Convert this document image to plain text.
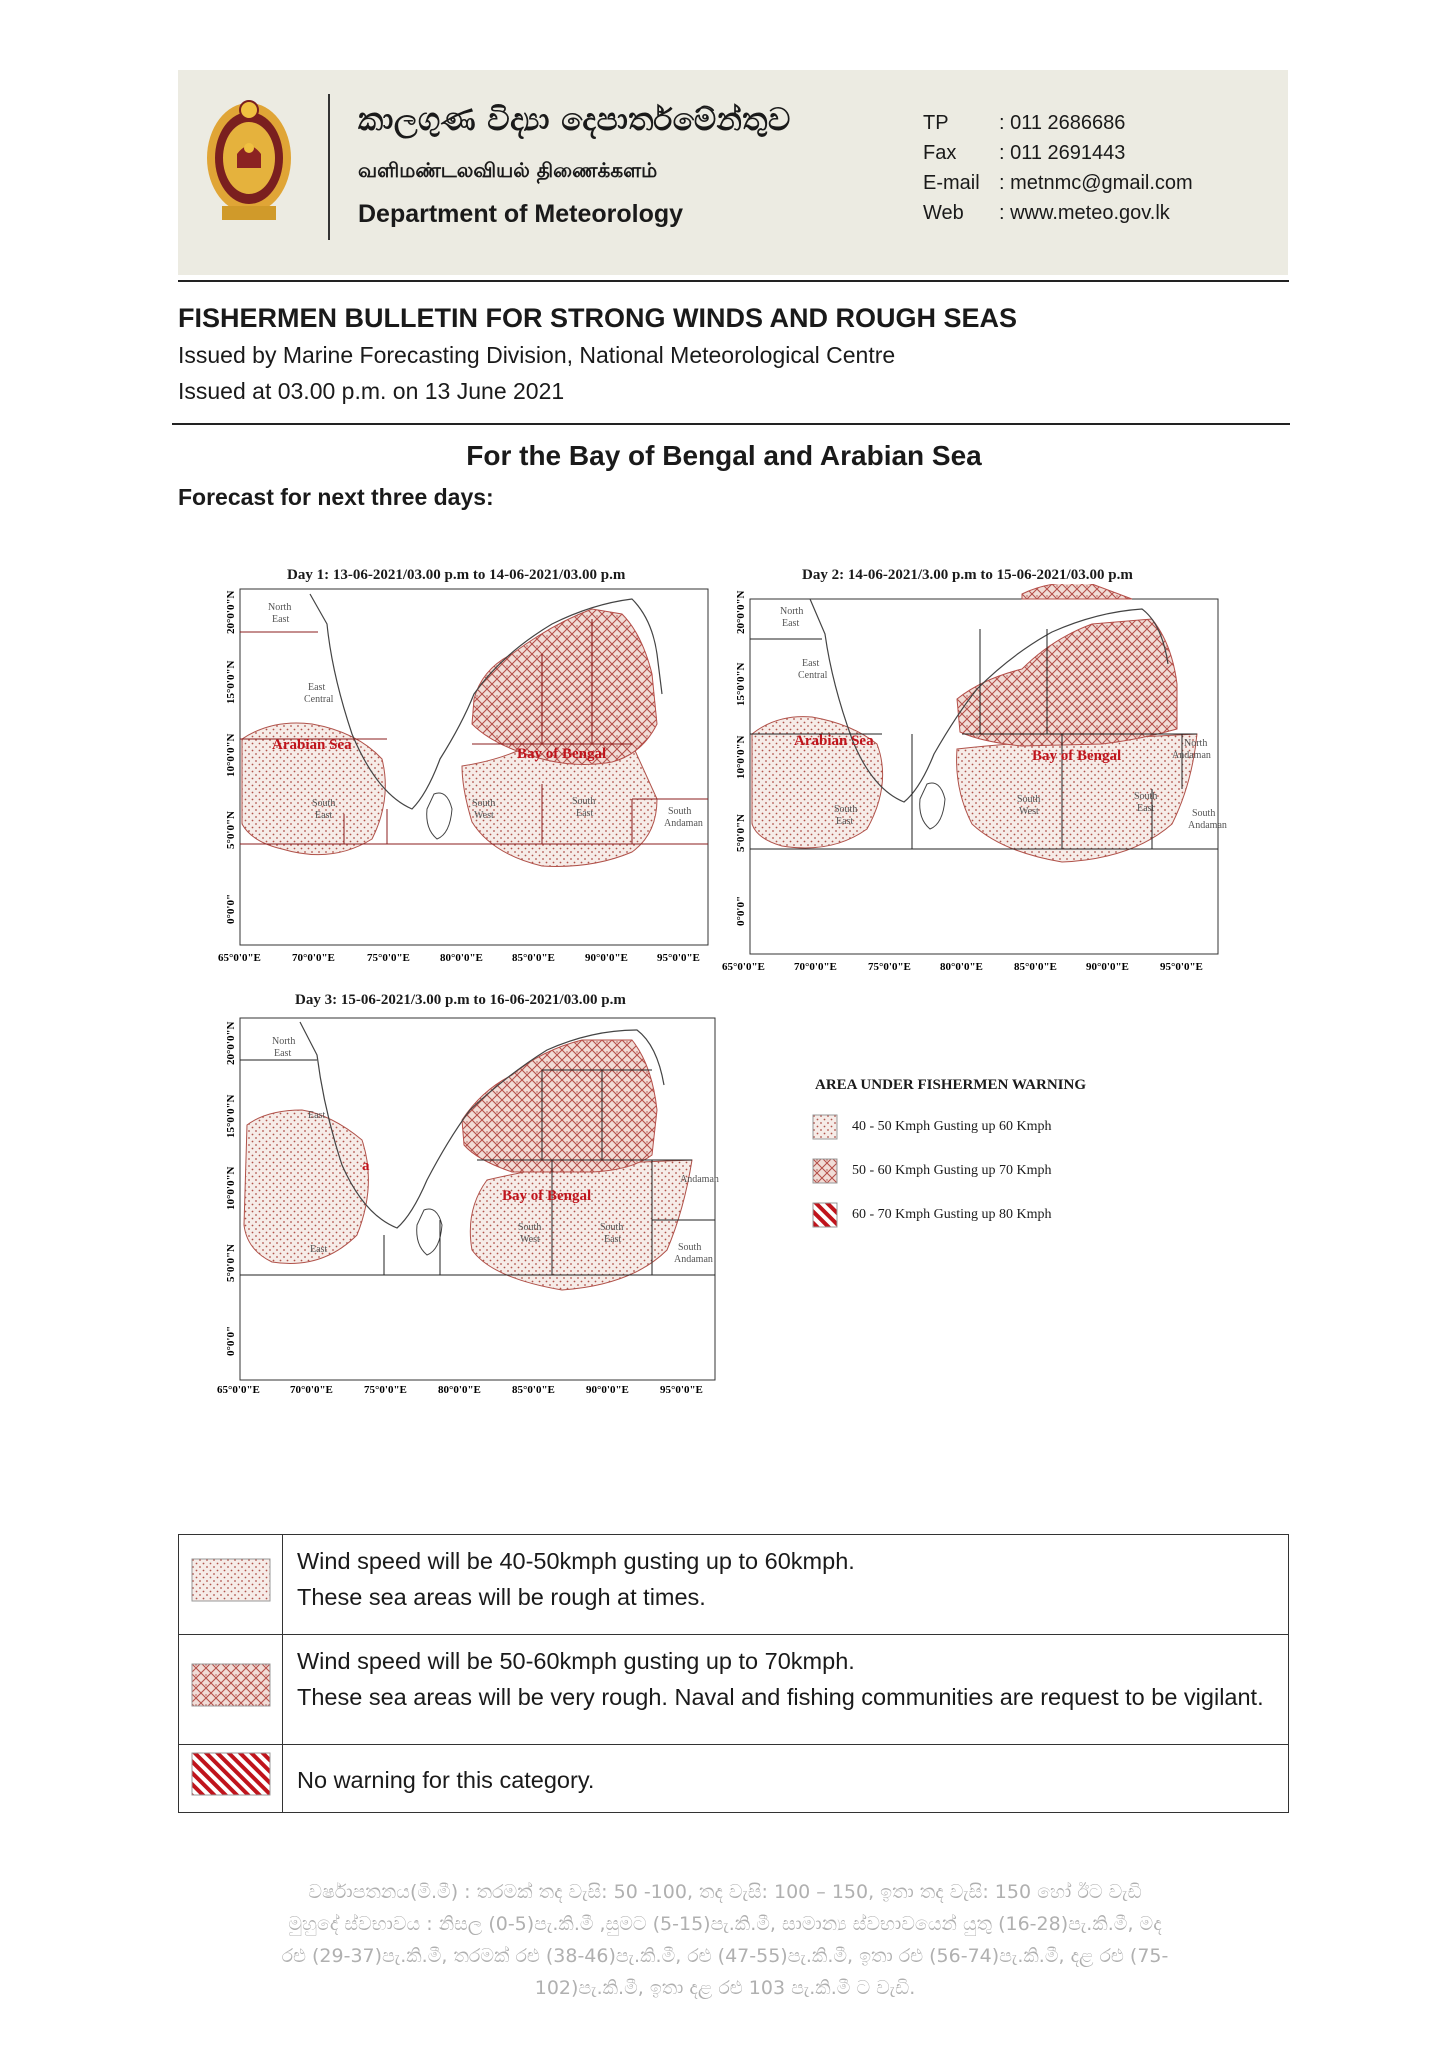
කාලගුණ විද්‍යා දෙපාර්තමේන්තුව
வளிமண்டலவியல் திணைக்களம்
Department of Meteorology
TP	: 011 2686686
Fax : 011 2691443
E-mail : metnmc@gmail.com
Web : www.meteo.gov.lk
FISHERMEN BULLETIN FOR STRONG WINDS AND ROUGH SEAS
Issued by Marine Forecasting Division, National Meteorological Centre
Issued at 03.00 p.m. on 13 June 2021
For the Bay of Bengal and Arabian Sea
Forecast for next three days:
Day 1: 13-06-2021/03.00 p.m to 14-06-2021/03.00 p.m
North
East
East
Central
Arabian Sea
Bay of Bengal
South
East
South
West
South
East	South
Andaman
20°0'0"N
15°0'0"N
10°0'0"N
5°0'0"N
0°0'0"
65°0'0"E	70°0'0"E	75°0'0"E	80°0'0"E	85°0'0"E	90°0'0"E	95°0'0"E
Day 2: 14-06-2021/3.00 p.m to 15-06-2021/03.00 p.m
North
East
East
Central
Arabian Sea
Bay of Bengal
South
East
South
West
South
East
North
Andaman
South
Andaman
20°0'0"N
15°0'0"N
10°0'0"N
5°0'0"N
0°0'0"
65°0'0"E	70°0'0"E	75°0'0"E	80°0'0"E	85°0'0"E	90°0'0"E	95°0'0"E
Day 3: 15-06-2021/3.00 p.m to 16-06-2021/03.00 p.m
North
East
East
a
East
Bay of Bengal
South
West
South
East
Andaman
South
Andaman
20°0'0"N
15°0'0"N
10°0'0"N
5°0'0"N
0°0'0"
65°0'0"E	70°0'0"E	75°0'0"E	80°0'0"E	85°0'0"E	90°0'0"E	95°0'0"E
AREA UNDER FISHERMEN WARNING
40 - 50 Kmph Gusting up 60 Kmph
50 - 60 Kmph Gusting up 70 Kmph
60 - 70 Kmph Gusting up 80 Kmph

Wind speed will be 40-50kmph gusting up to 60kmph.
These sea areas will be rough at times.

Wind speed will be 50-60kmph gusting up to 70kmph.
These sea areas will be very rough. Naval and fishing communities are request to be vigilant.

No warning for this category.
වර්ෂාපතනය(මි.මී) : තරමක් තද වැසි: 50 -100, තද වැසි: 100 – 150, ඉතා තද වැසි: 150 හෝ ඊට වැඩි
මුහුදේ ස්වභාවය : නිසල (0-5)පැ.කි.මී ,සුමට (5-15)පැ.කි.මී, සාමාන්‍ය ස්වභාවයෙන් යුතු (16-28)පැ.කි.මී, මද
රළු (29-37)පැ.කි.මී, තරමක් රළු (38-46)පැ.කි.මී, රළු (47-55)පැ.කි.මී, ඉතා රළු (56-74)පැ.කි.මී, දළ රළු (75-
102)පැ.කි.මී, ඉතා දළ රළු 103 පැ.කි.මී ට වැඩි.
